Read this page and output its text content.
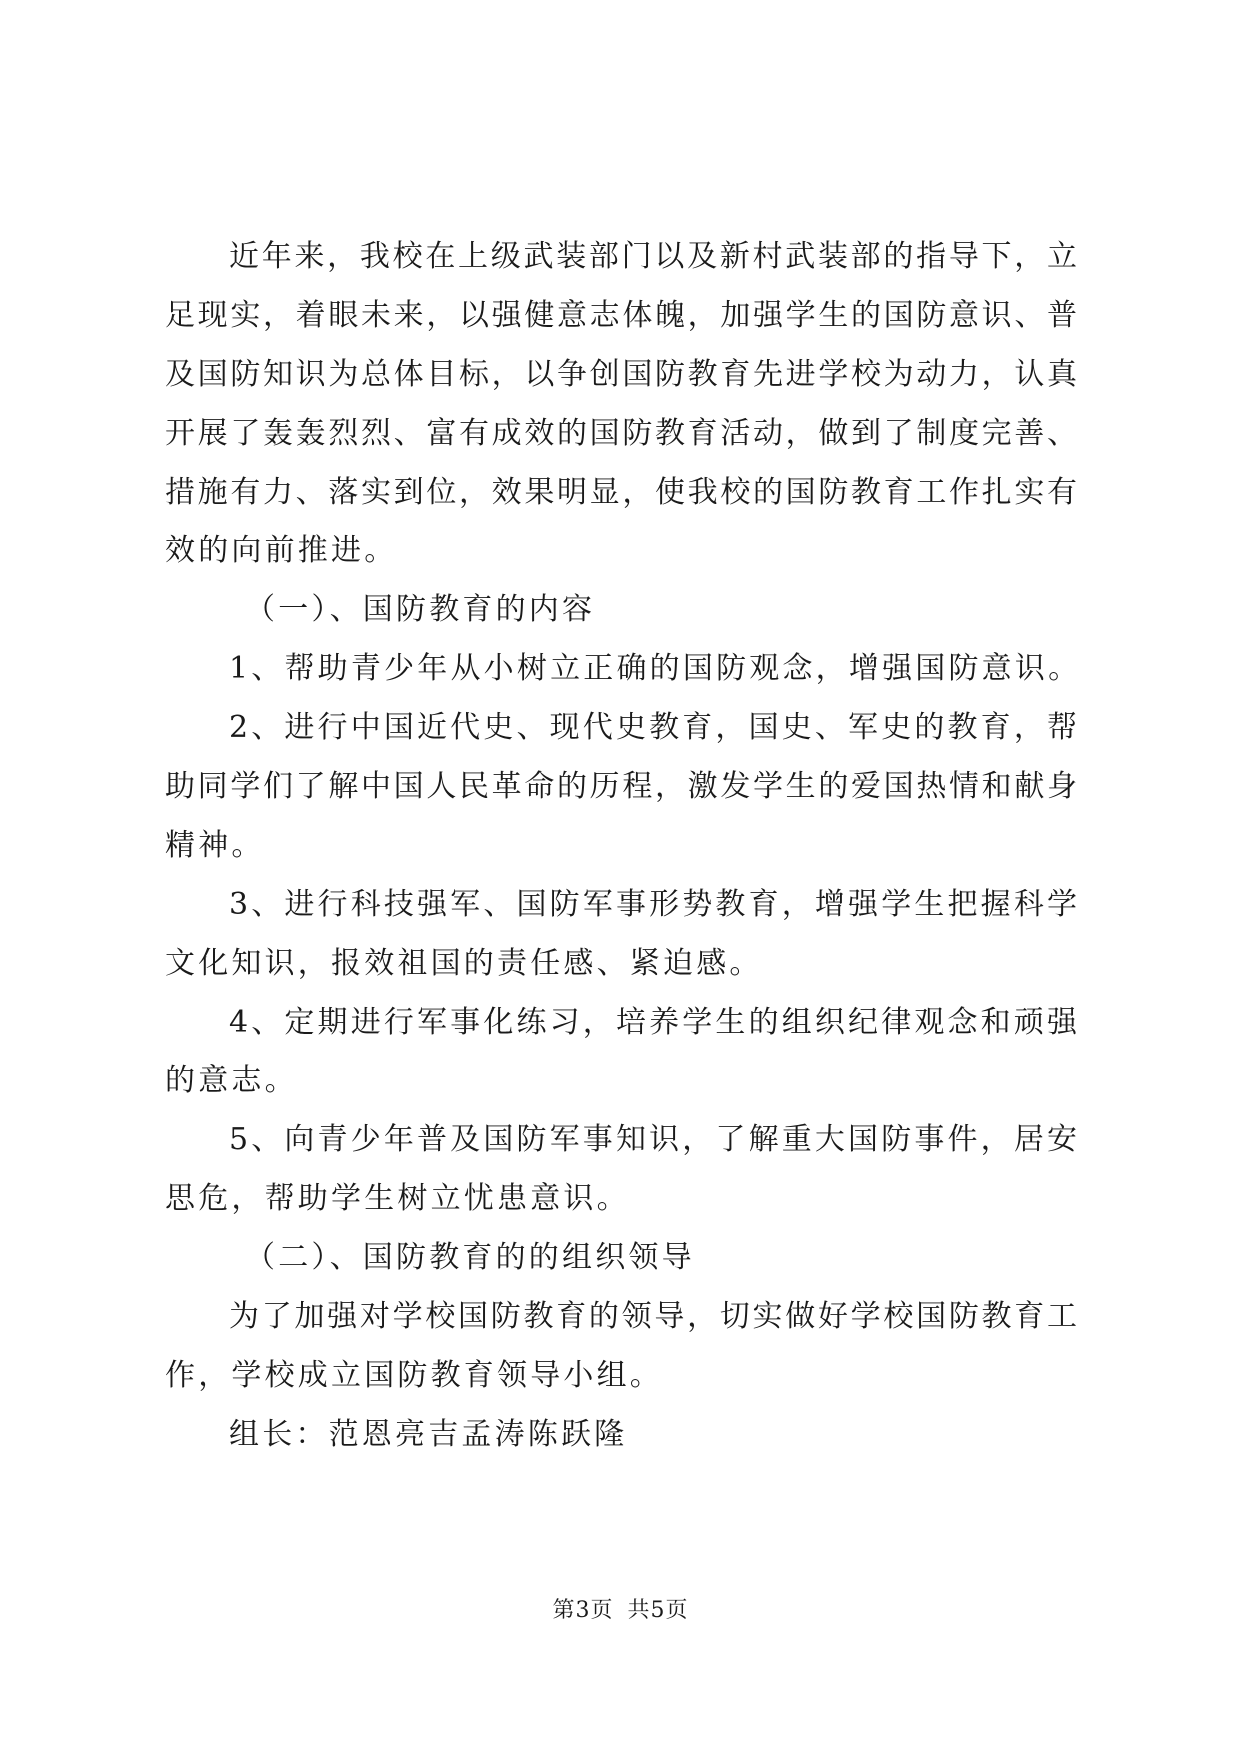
近年来，我校在上级武装部门以及新村武装部的指导下，立
足现实，着眼未来，以强健意志体魄，加强学生的国防意识、普
及国防知识为总体目标，以争创国防教育先进学校为动力，认真
开展了轰轰烈烈、富有成效的国防教育活动，做到了制度完善、
措施有力、落实到位，效果明显，使我校的国防教育工作扎实有
效的向前推进。
（一）、国防教育的内容
1、帮助青少年从小树立正确的国防观念，增强国防意识。
2、进行中国近代史、现代史教育，国史、军史的教育，帮
助同学们了解中国人民革命的历程，激发学生的爱国热情和献身
精神。
3、进行科技强军、国防军事形势教育，增强学生把握科学
文化知识，报效祖国的责任感、紧迫感。
4、定期进行军事化练习，培养学生的组织纪律观念和顽强
的意志。
5、向青少年普及国防军事知识，了解重大国防事件，居安
思危，帮助学生树立忧患意识。
（二）、国防教育的的组织领导
为了加强对学校国防教育的领导，切实做好学校国防教育工
作，学校成立国防教育领导小组。
组长：范恩亮吉孟涛陈跃隆
第3页 共5页
